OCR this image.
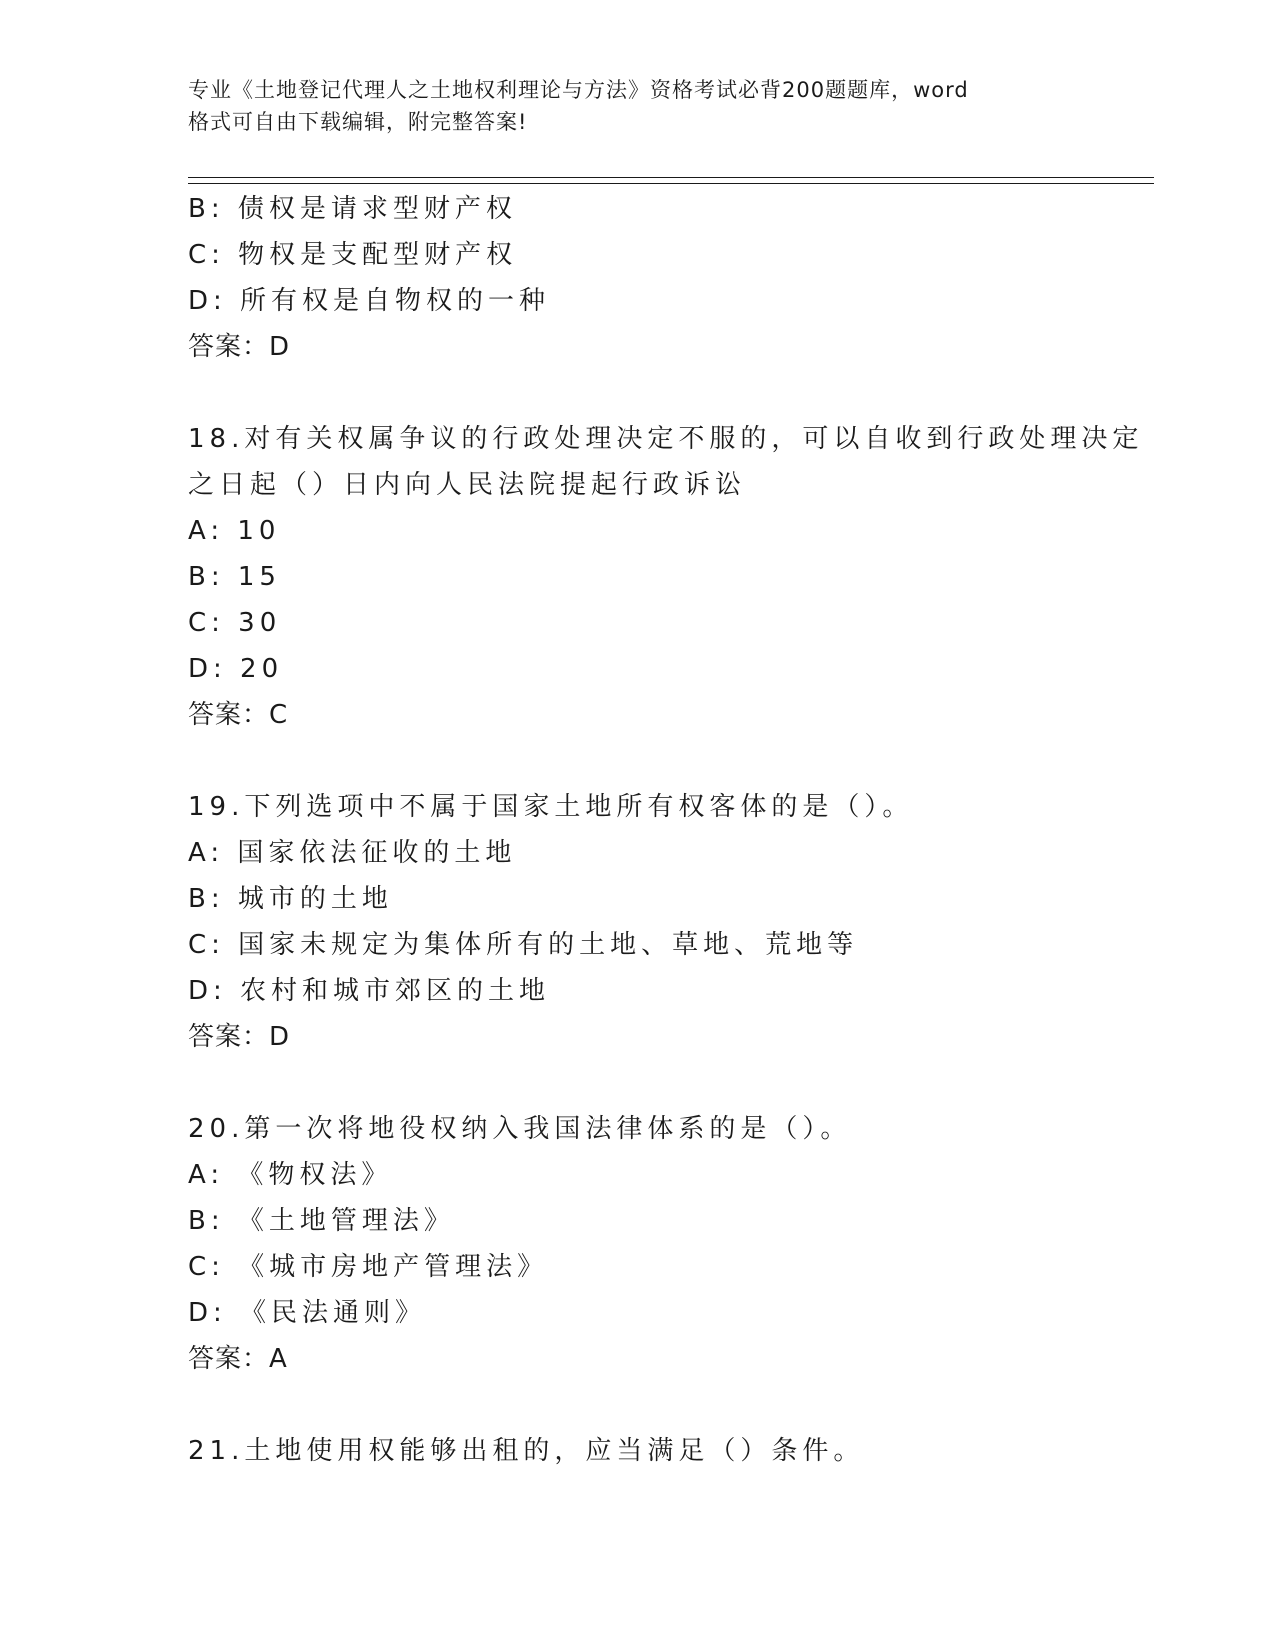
专业《土地登记代理人之土地权利理论与方法》资格考试必背200题题库，word
格式可自由下载编辑，附完整答案!
B: 债权是请求型财产权
C: 物权是支配型财产权
D: 所有权是自物权的一种
答案：D
18.对有关权属争议的行政处理决定不服的，可以自收到行政处理决定
之日起（）日内向人民法院提起行政诉讼
A: 10
B: 15
C: 30
D: 20
答案：C
19.下列选项中不属于国家土地所有权客体的是（）。
A: 国家依法征收的土地
B: 城市的土地
C: 国家未规定为集体所有的土地、草地、荒地等
D: 农村和城市郊区的土地
答案：D
20.第一次将地役权纳入我国法律体系的是（）。
A: 《物权法》
B: 《土地管理法》
C: 《城市房地产管理法》
D: 《民法通则》
答案：A
21.土地使用权能够出租的，应当满足（）条件。
